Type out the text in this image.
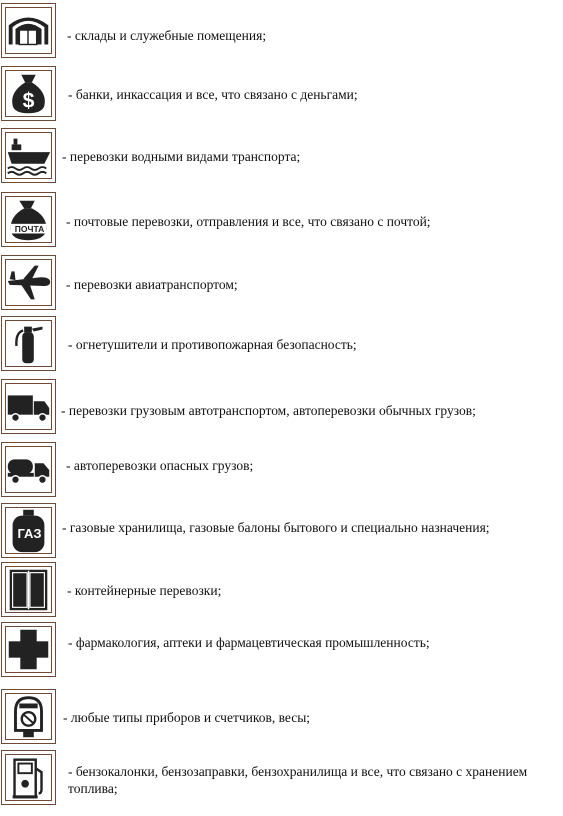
- склады и служебные помещения;
$ - банки, инкассация и все, что связано с деньгами;
- перевозки водными видами транспорта;
ПОЧТА - почтовые перевозки, отправления и все, что связано с почтой;
- перевозки авиатранспортом;
- огнетушители и противопожарная безопасность;
- перевозки грузовым автотранспортом, автоперевозки обычных грузов;
- автоперевозки опасных грузов;
ГАЗ	- газовые хранилища, газовые балоны бытового и специально назначения;
- контейнерные перевозки;
- фармакология, аптеки и фармацевтическая промышленность;
- любые типы приборов и счетчиков, весы;
- бензокалонки, бензозаправки, бензохранилища и все, что связано с хранением топлива;
